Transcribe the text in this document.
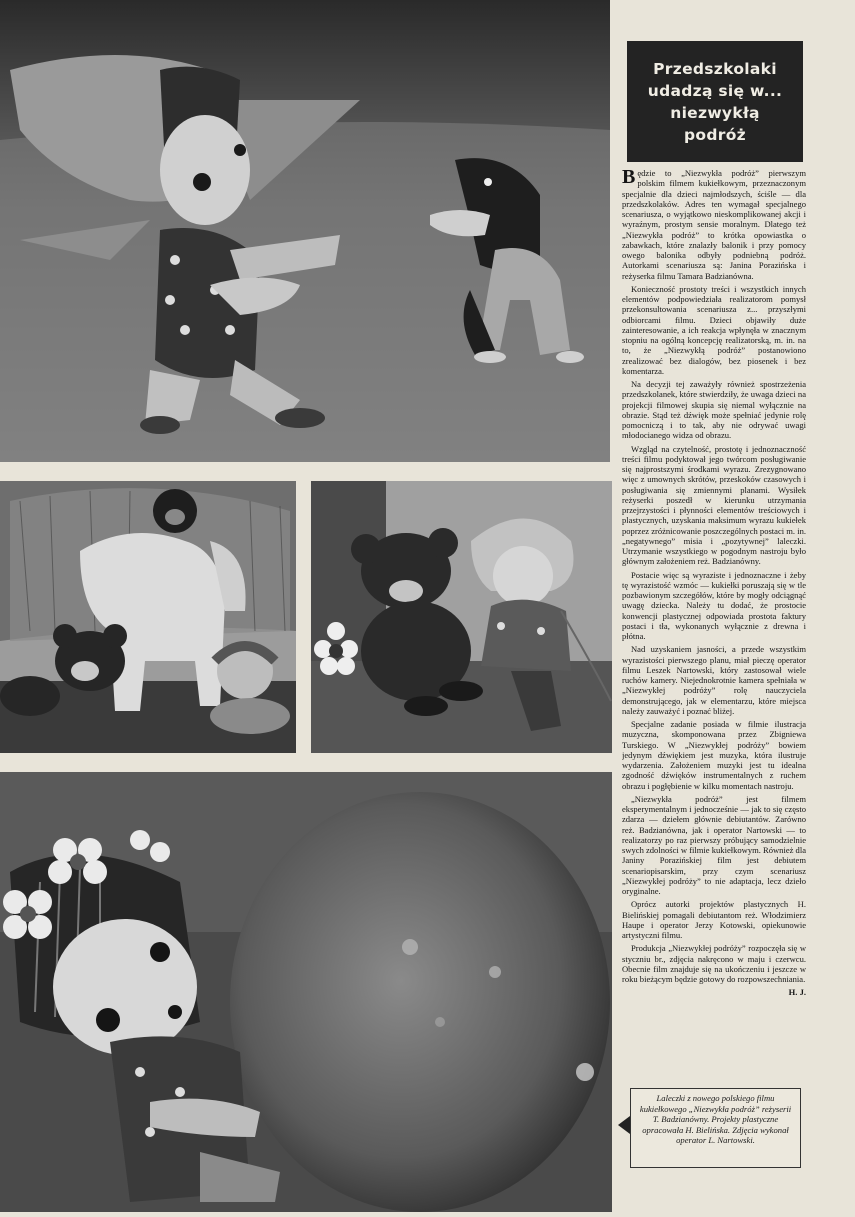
Przedszkolaki
udadzą się w...
niezwykłą
podróż

Będzie to „Niezwykła podróż” pierwszym polskim filmem kukiełkowym, przeznaczonym specjalnie dla dzieci najmłodszych, ściśle — dla przedszkolaków. Adres ten wymagał specjalnego scenariusza, o wyjątkowo nieskomplikowanej akcji i wyraźnym, prostym sensie moralnym. Dlatego też „Niezwykła podróż” to krótka opowiastka o zabawkach, które znalazły balonik i przy pomocy owego balonika odbyły podniebną podróż. Autorkami scenariusza są: Janina Porazińska i reżyserka filmu Tamara Badzianówna.

Konieczność prostoty treści i wszystkich innych elementów podpowiedziała realizatorom pomysł przekonsultowania scenariusza z... przyszłymi odbiorcami filmu. Dzieci objawiły duże zainteresowanie, a ich reakcja wpłynęła w znacznym stopniu na ogólną koncepcję realizatorską, m. in. na to, że „Niezwykłą podróż” postanowiono zrealizować bez dialogów, bez piosenek i bez komentarza.

Na decyzji tej zaważyły również spostrzeżenia przedszkolanek, które stwierdziły, że uwaga dzieci na projekcji filmowej skupia się niemal wyłącznie na obrazie. Stąd też dźwięk może spełniać jedynie rolę pomocniczą i to tak, aby nie odrywać uwagi młodocianego widza od obrazu.

Wzgląd na czytelność, prostotę i jednoznaczność treści filmu podyktował jego twórcom posługiwanie się najprostszymi środkami wyrazu. Zrezygnowano więc z umownych skrótów, przeskoków czasowych i posługiwania się zmiennymi planami. Wysiłek reżyserki poszedł w kierunku utrzymania przejrzystości i płynności elementów treściowych i plastycznych, uzyskania maksimum wyrazu kukiełek poprzez zróżnicowanie poszczególnych postaci m. in. „negatywnego” misia i „pozytywnej” laleczki. Utrzymanie wszystkiego w pogodnym nastroju było głównym założeniem reż. Badzianówny.

Postacie więc są wyraziste i jednoznaczne i żeby tę wyrazistość wzmóc — kukiełki poruszają się w tle pozbawionym szczegółów, które by mogły odciągnąć uwagę dziecka. Należy tu dodać, że prostocie konwencji plastycznej odpowiada prostota faktury postaci i tła, wykonanych wyłącznie z drewna i płótna.

Nad uzyskaniem jasności, a przede wszystkim wyrazistości pierwszego planu, miał pieczę operator filmu Leszek Nartowski, który zastosował wiele ruchów kamery. Niejednokrotnie kamera spełniała w „Niezwykłej podróży” rolę nauczyciela demonstrującego, jak w elementarzu, które miejsca należy zauważyć i poznać bliżej.

Specjalne zadanie posiada w filmie ilustracja muzyczna, skomponowana przez Zbigniewa Turskiego. W „Niezwykłej podróży” bowiem jedynym dźwiękiem jest muzyka, która ilustruje wydarzenia. Założeniem muzyki jest tu idealna zgodność dźwięków instrumentalnych z ruchem obrazu i pogłębienie w kilku momentach nastroju.

„Niezwykła podróż” jest filmem eksperymentalnym i jednocześnie — jak to się często zdarza — dziełem głównie debiutantów. Zarówno reż. Badzianówna, jak i operator Nartowski — to realizatorzy po raz pierwszy próbujący samodzielnie swych zdolności w filmie kukiełkowym. Również dla Janiny Porazińskiej film jest debiutem scenariopisarskim, przy czym scenariusz „Niezwykłej podróży” to nie adaptacja, lecz dzieło oryginalne.

Oprócz autorki projektów plastycznych H. Bielińskiej pomagali debiutantom reż. Włodzimierz Haupe i operator Jerzy Kotowski, opiekunowie artystyczni filmu.

Produkcja „Niezwykłej podróży” rozpoczęła się w styczniu br., zdjęcia nakręcono w maju i czerwcu. Obecnie film znajduje się na ukończeniu i jeszcze w roku bieżącym będzie gotowy do rozpowszechniania.

H. J.

Laleczki z nowego polskiego filmu kukiełkowego „Niezwykła podróż” reżyserii T. Badzianówny. Projekty plastyczne opracowała H. Bielińska. Zdjęcia wykonał operator L. Nartowski.
